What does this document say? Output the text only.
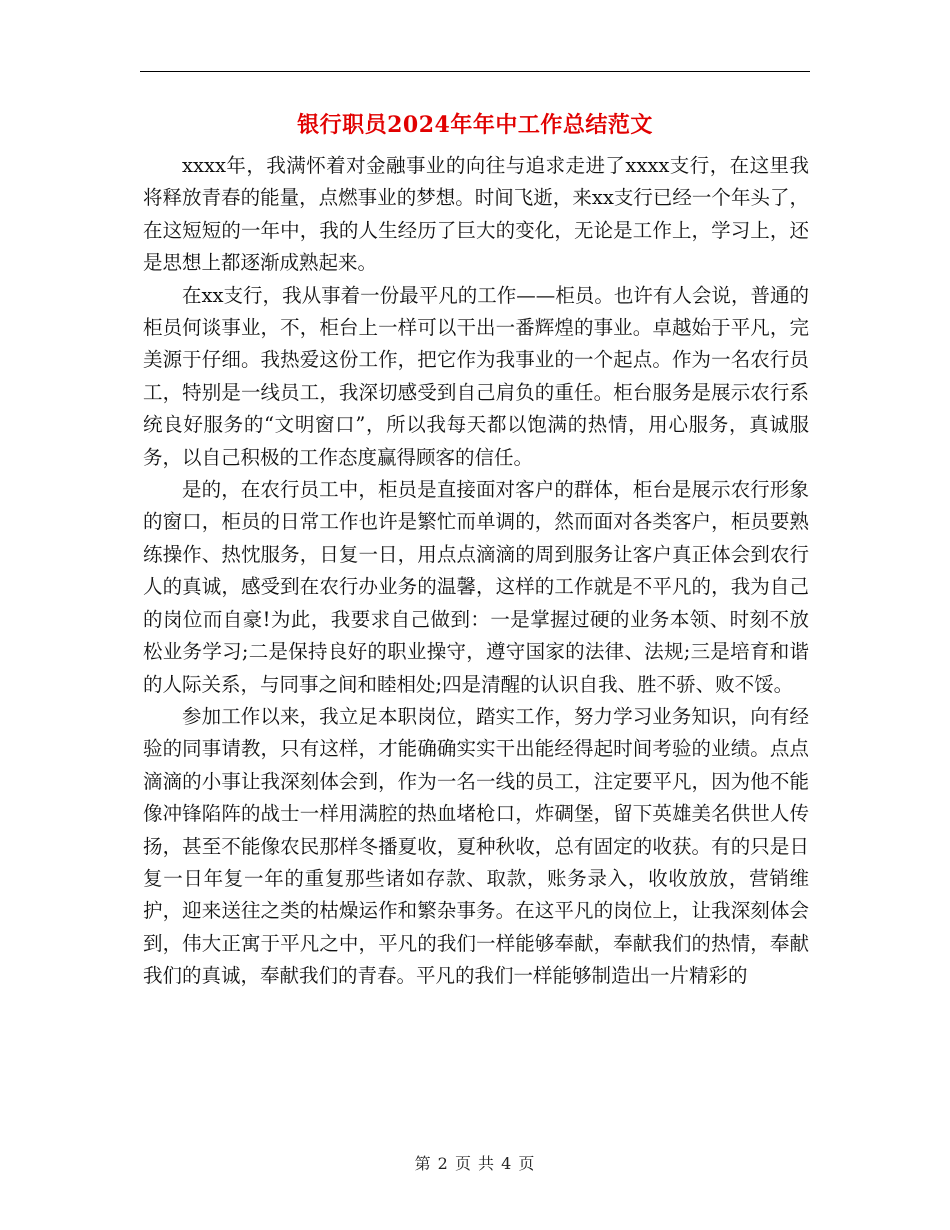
银行职员2024年年中工作总结范文

xxxx年，我满怀着对金融事业的向往与追求走进了xxxx支行，在这里我将释放青春的能量，点燃事业的梦想。时间飞逝，来xx支行已经一个年头了，在这短短的一年中，我的人生经历了巨大的变化，无论是工作上，学习上，还是思想上都逐渐成熟起来。

在xx支行，我从事着一份最平凡的工作——柜员。也许有人会说，普通的柜员何谈事业，不，柜台上一样可以干出一番辉煌的事业。卓越始于平凡，完美源于仔细。我热爱这份工作，把它作为我事业的一个起点。作为一名农行员工，特别是一线员工，我深切感受到自己肩负的重任。柜台服务是展示农行系统良好服务的“文明窗口”，所以我每天都以饱满的热情，用心服务，真诚服务，以自己积极的工作态度赢得顾客的信任。

是的，在农行员工中，柜员是直接面对客户的群体，柜台是展示农行形象的窗口，柜员的日常工作也许是繁忙而单调的，然而面对各类客户，柜员要熟练操作、热忱服务，日复一日，用点点滴滴的周到服务让客户真正体会到农行人的真诚，感受到在农行办业务的温馨，这样的工作就是不平凡的，我为自己的岗位而自豪!为此，我要求自己做到：一是掌握过硬的业务本领、时刻不放松业务学习;二是保持良好的职业操守，遵守国家的法律、法规;三是培育和谐的人际关系，与同事之间和睦相处;四是清醒的认识自我、胜不骄、败不馁。

参加工作以来，我立足本职岗位，踏实工作，努力学习业务知识，向有经验的同事请教，只有这样，才能确确实实干出能经得起时间考验的业绩。点点滴滴的小事让我深刻体会到，作为一名一线的员工，注定要平凡，因为他不能像冲锋陷阵的战士一样用满腔的热血堵枪口，炸碉堡，留下英雄美名供世人传扬，甚至不能像农民那样冬播夏收，夏种秋收，总有固定的收获。有的只是日复一日年复一年的重复那些诸如存款、取款，账务录入，收收放放，营销维护，迎来送往之类的枯燥运作和繁杂事务。在这平凡的岗位上，让我深刻体会到，伟大正寓于平凡之中，平凡的我们一样能够奉献，奉献我们的热情，奉献我们的真诚，奉献我们的青春。平凡的我们一样能够制造出一片精彩的

第 2 页 共 4 页
